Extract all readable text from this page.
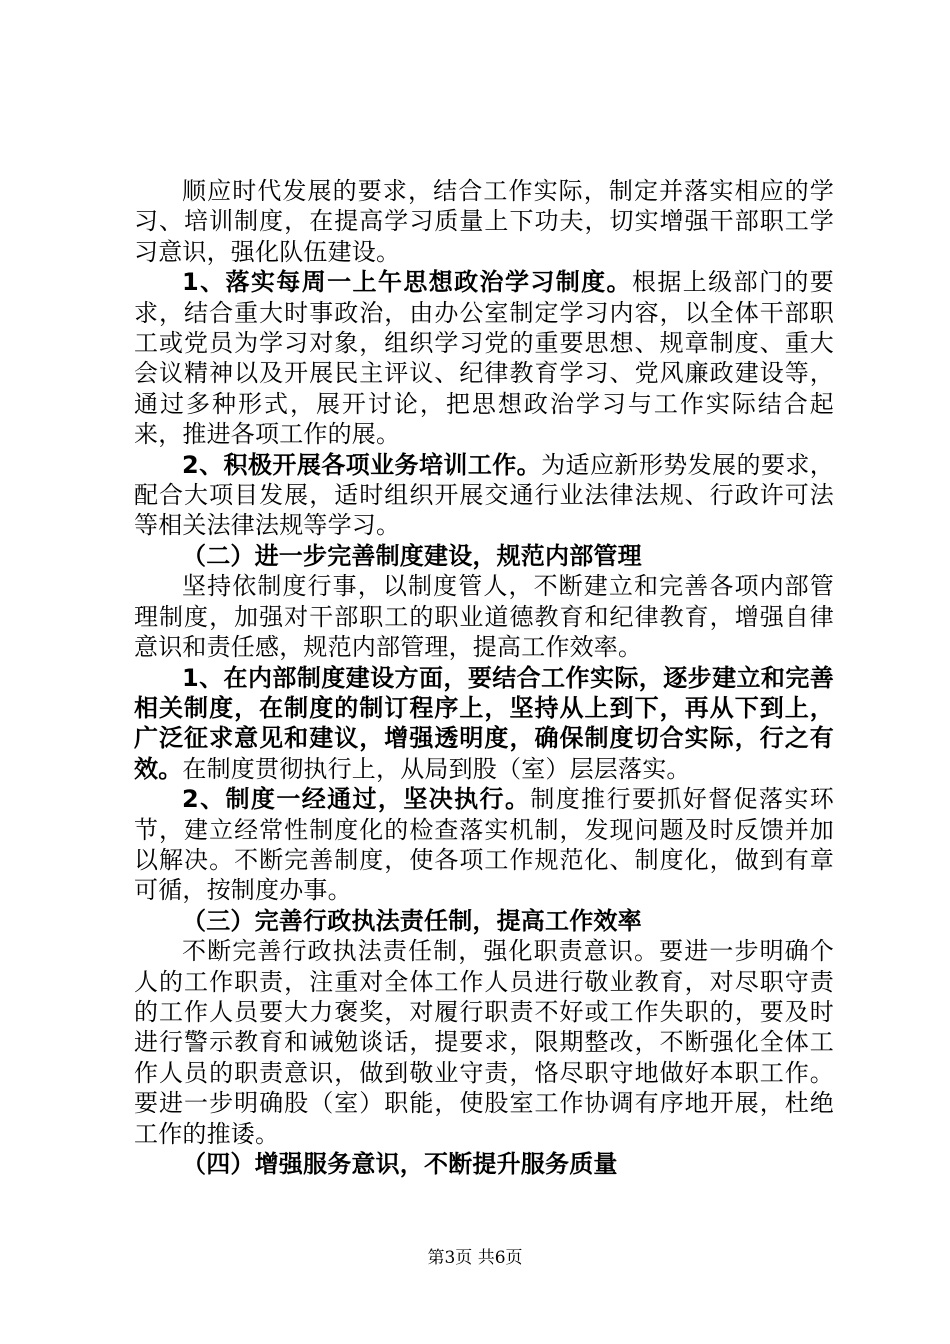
顺应时代发展的要求，结合工作实际，制定并落实相应的学习、培训制度，在提高学习质量上下功夫，切实增强干部职工学习意识，强化队伍建设。

1、落实每周一上午思想政治学习制度。根据上级部门的要求，结合重大时事政治，由办公室制定学习内容，以全体干部职工或党员为学习对象，组织学习党的重要思想、规章制度、重大会议精神以及开展民主评议、纪律教育学习、党风廉政建设等，通过多种形式，展开讨论，把思想政治学习与工作实际结合起来，推进各项工作的展。

2、积极开展各项业务培训工作。为适应新形势发展的要求，配合大项目发展，适时组织开展交通行业法律法规、行政许可法等相关法律法规等学习。

（二）进一步完善制度建设，规范内部管理

坚持依制度行事，以制度管人，不断建立和完善各项内部管理制度，加强对干部职工的职业道德教育和纪律教育，增强自律意识和责任感，规范内部管理，提高工作效率。

1、在内部制度建设方面，要结合工作实际，逐步建立和完善相关制度，在制度的制订程序上，坚持从上到下，再从下到上，广泛征求意见和建议，增强透明度，确保制度切合实际，行之有效。在制度贯彻执行上，从局到股（室）层层落实。

2、制度一经通过，坚决执行。制度推行要抓好督促落实环节，建立经常性制度化的检查落实机制，发现问题及时反馈并加以解决。不断完善制度，使各项工作规范化、制度化，做到有章可循，按制度办事。

（三）完善行政执法责任制，提高工作效率

不断完善行政执法责任制，强化职责意识。要进一步明确个人的工作职责，注重对全体工作人员进行敬业教育，对尽职守责的工作人员要大力褒奖，对履行职责不好或工作失职的，要及时进行警示教育和诫勉谈话，提要求，限期整改，不断强化全体工作人员的职责意识，做到敬业守责，恪尽职守地做好本职工作。要进一步明确股（室）职能，使股室工作协调有序地开展，杜绝工作的推诿。

（四）增强服务意识，不断提升服务质量

第3页 共6页
